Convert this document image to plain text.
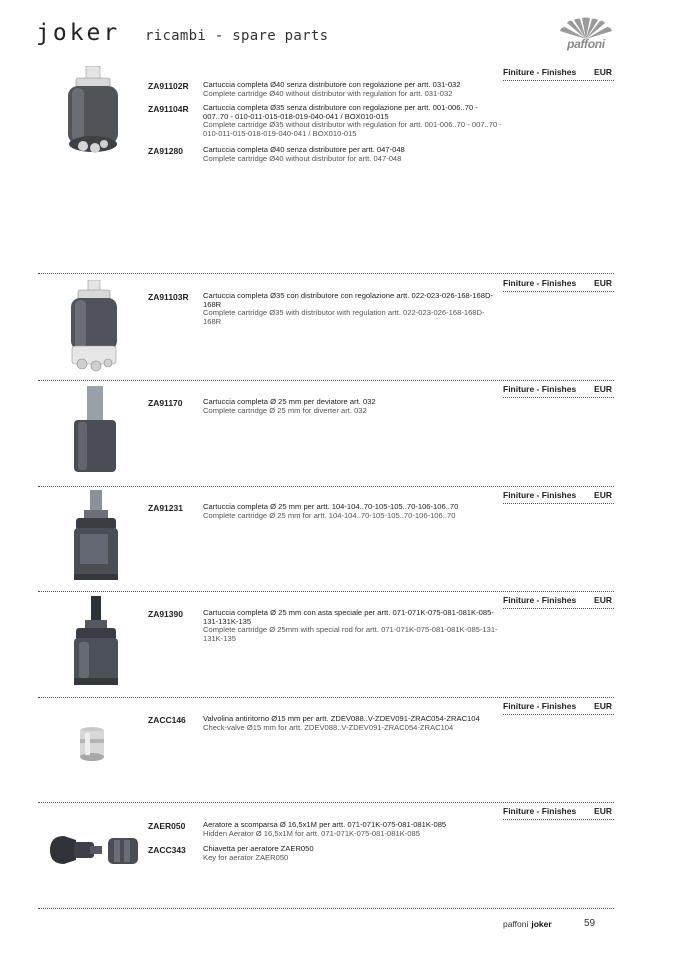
joker ricambi - spare parts	paffoni
Finiture - Finishes EUR
ZA91102R Cartuccia completa Ø40 senza distributore con regolazione per artt. 031-032
Complete cartridge Ø40 without distributor with regulation for artt. 031-032
ZA91104R Cartuccia completa Ø35 senza distributore con regolazione per artt. 001-006..70 - 007..70 - 010-011-015-018-019-040-041 / BOX010-015
Complete cartridge Ø35 without distributor with regulation for artt. 001-006..70 - 007..70 - 010-011-015-018-019-040-041 / BOX010-015
ZA91280	Cartuccia completa Ø40 senza distributore per artt. 047-048
Complete cartridge Ø40 without distributor for artt. 047-048
Finiture - Finishes EUR
ZA91103R Cartuccia completa Ø35 con distributore con regolazione artt. 022-023-026-168-168D-168R
Complete cartridge Ø35 with distributor with regulation artt. 022-023-026-168-168D-168R
Finiture - Finishes EUR
ZA91170	Cartuccia completa Ø 25 mm per deviatore art. 032
Complete cartridge Ø 25 mm for diverter art. 032
Finiture - Finishes EUR
ZA91231	Cartuccia completa Ø 25 mm per artt. 104-104..70-105-105..70-106-106..70
Complete cartridge Ø 25 mm for artt. 104-104..70-105-105..70-106-106..70
Finiture - Finishes EUR
ZA91390	Cartuccia completa Ø 25 mm con asta speciale per artt. 071-071K-075-081-081K-085-131-131K-135
Complete cartridge Ø 25mm with special rod for artt. 071-071K-075-081-081K-085-131-131K-135
Finiture - Finishes EUR
ZACC146 Valvolina antiritorno Ø15 mm per artt. ZDEV088..V-ZDEV091-ZRAC054-ZRAC104
Check-valve Ø15 mm for artt. ZDEV088..V-ZDEV091-ZRAC054-ZRAC104
Finiture - Finishes EUR
ZAER050 Aeratore a scomparsa Ø 16,5x1M per artt. 071-071K-075-081-081K-085
Hidden Aerator Ø 16,5x1M for artt. 071-071K-075-081-081K-085
ZACC343 Chiavetta per aeratore ZAER050
Key for aerator ZAER050
paffoni joker	59
